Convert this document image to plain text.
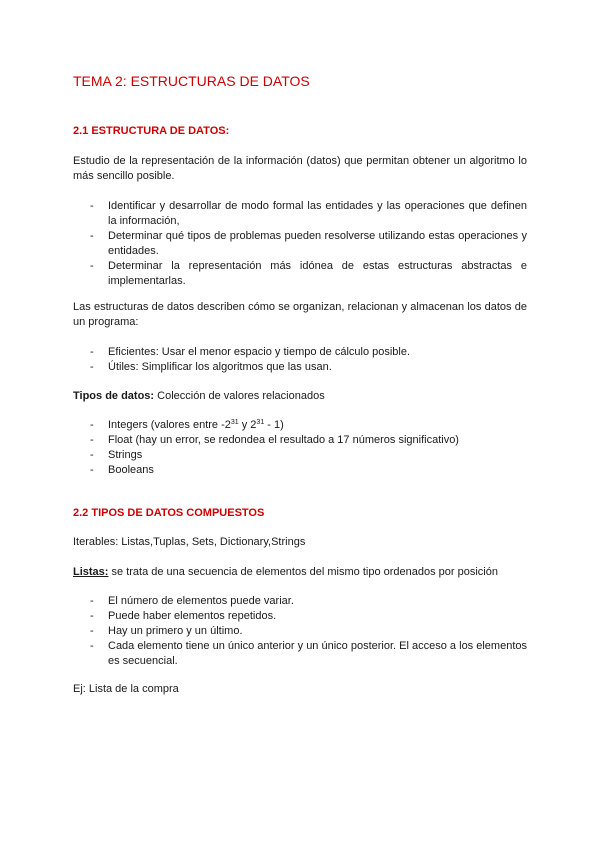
TEMA 2: ESTRUCTURAS DE DATOS
2.1 ESTRUCTURA DE DATOS:
Estudio de la representación de la información (datos) que permitan obtener un algoritmo lo más sencillo posible.
- Identificar y desarrollar de modo formal las entidades y las operaciones que definen la información,
- Determinar qué tipos de problemas pueden resolverse utilizando estas operaciones y entidades.
- Determinar la representación más idónea de estas estructuras abstractas e implementarlas.
Las estructuras de datos describen cómo se organizan, relacionan y almacenan los datos de un programa:
- Eficientes: Usar el menor espacio y tiempo de cálculo posible.
- Útiles: Simplificar los algoritmos que las usan.
Tipos de datos: Colección de valores relacionados
- Integers (valores entre $-2^{31}$ y $2^{31} - 1$)
- Float (hay un error, se redondea el resultado a 17 números significativo)
- Strings
- Booleans
2.2 TIPOS DE DATOS COMPUESTOS
Iterables: Listas,Tuplas, Sets, Dictionary,Strings
Listas: se trata de una secuencia de elementos del mismo tipo ordenados por posición
- El número de elementos puede variar.
- Puede haber elementos repetidos.
- Hay un primero y un último.
- Cada elemento tiene un único anterior y un único posterior. El acceso a los elementos es secuencial.
Ej: Lista de la compra
